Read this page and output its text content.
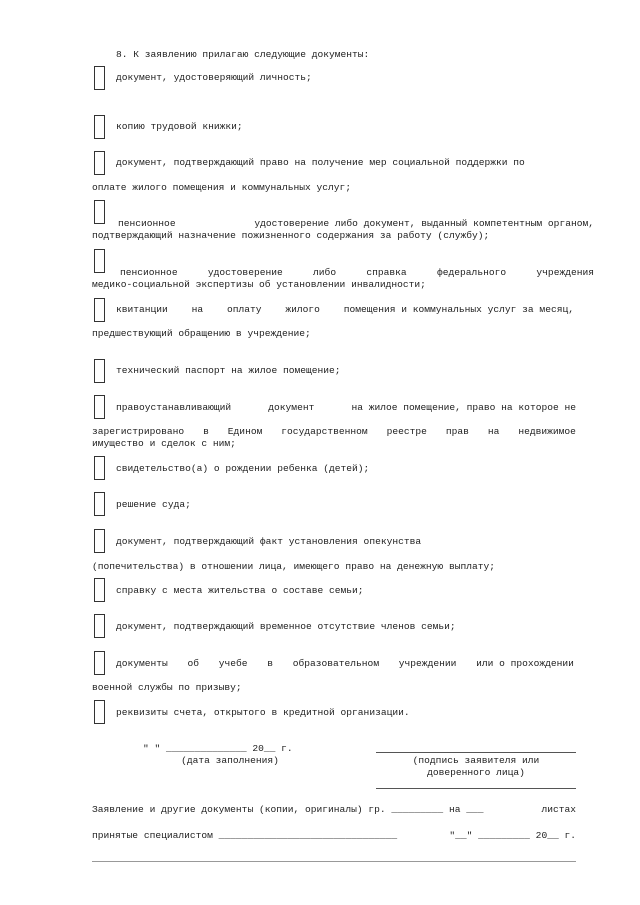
8. К заявлению прилагаю следующие документы:
документ, удостоверяющий личность;
копию трудовой книжки;
документ, подтверждающий право на получение мер социальной поддержки по
оплате жилого помещения и коммунальных услуг;
пенсионное	удостоверение либо документ, выданный компетентным органом,
подтверждающий назначение пожизненного содержания за работу (службу);
пенсионное	удостоверение	либо	справка	федерального	учреждения
медико-социальной экспертизы об установлении инвалидности;
квитанции на оплату жилого помещения и коммунальных услуг за месяц,
предшествующий обращению в учреждение;
технический паспорт на жилое помещение;
правоустанавливающий	документ	на жилое помещение, право на которое не
зарегистрировано в Едином государственном реестре прав на недвижимое
имущество и сделок с ним;
свидетельство(а) о рождении ребенка (детей);
решение суда;
документ, подтверждающий факт установления опекунства
(попечительства) в отношении лица, имеющего право на денежную выплату;
справку с места жительства о составе семьи;
документ, подтверждающий временное отсутствие членов семьи;
документы об учебе в образовательном учреждении или о прохождении
военной службы по призыву;
реквизиты счета, открытого в кредитной организации.
" " ______________ 20__ г.
(дата заполнения)	(подпись заявителя или
доверенного лица)
Заявление и другие документы (копии, оригиналы) гр. _________ на ___	листах
принятые специалистом _______________________________	"__" _________ 20__ г.
